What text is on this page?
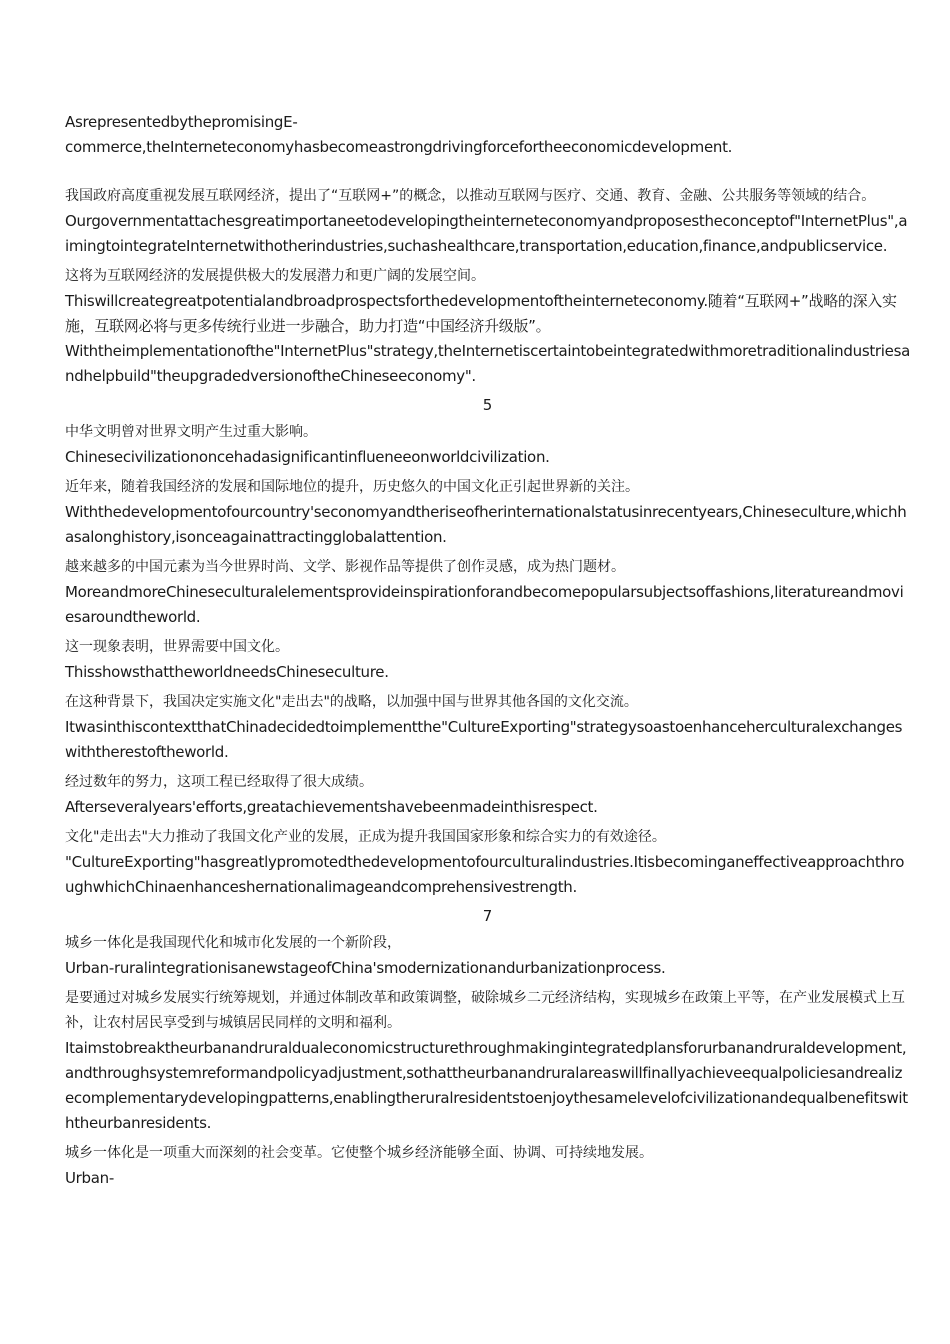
AsrepresentedbythepromisingE-
commerce,theInterneteconomyhasbecomeastrongdrivingforcefortheeconomicdevelopment.
我国政府高度重视发展互联网经济，提出了“互联网+”的概念，以推动互联网与医疗、交通、教育、金融、公共服务等领域的结合。
Ourgovernmentattachesgreatimportaneetodevelopingtheinterneteconomyandproposestheconceptof"InternetPlus",aimingtointegrateInternetwithotherindustries,suchashealthcare,transportation,education,finance,andpublicservice.
这将为互联网经济的发展提供极大的发展潜力和更广阔的发展空间。
Thiswillcreategreatpotentialandbroadprospectsforthedevelopmentoftheinterneteconomy.随着“互联网+”战略的深入实施，互联网必将与更多传统行业进一步融合，助力打造“中国经济升级版”。
Withtheimplementationofthe"InternetPlus"strategy,theInternetiscertaintobeintegratedwithmoretraditionalindustriesandhelpbuild"theupgradedversionoftheChineseeconomy".
5
中华文明曾对世界文明产生过重大影响。
Chinesecivilizationoncehadasignificantinflueneeonworldcivilization.
近年来，随着我国经济的发展和国际地位的提升，历史悠久的中国文化正引起世界新的关注。
Withthedevelopmentofourcountry'seconomyandtheriseofherinternationalstatusinrecentyears,Chineseculture,whichhasalonghistory,isonceagainattractingglobalattention.
越来越多的中国元素为当今世界时尚、文学、影视作品等提供了创作灵感，成为热门题材。
MoreandmoreChineseculturalelementsprovideinspirationforandbecomepopularsubjectsoffashions,literatureandmoviesaroundtheworld.
这一现象表明，世界需要中国文化。
ThisshowsthattheworldneedsChineseculture.
在这种背景下，我国决定实施文化"走出去"的战略，以加强中国与世界其他各国的文化交流。
ItwasinthiscontextthatChinadecidedtoimplementthe"CultureExporting"strategysoastoenhanceherculturalexchangeswiththerestoftheworld.
经过数年的努力，这项工程已经取得了很大成绩。
Afterseveralyears'efforts,greatachievementshavebeenmadeinthisrespect.
文化"走出去"大力推动了我国文化产业的发展，正成为提升我国国家形象和综合实力的有效途径。
"CultureExporting"hasgreatlypromotedthedevelopmentofourculturalindustries.ItisbecominganeffectiveapproachthroughwhichChinaenhanceshernationalimageandcomprehensivestrength.
7
城乡一体化是我国现代化和城市化发展的一个新阶段，
Urban-ruralintegrationisanewstageofChina'smodernizationandurbanizationprocess.
是要通过对城乡发展实行统筹规划，并通过体制改革和政策调整，破除城乡二元经济结构，实现城乡在政策上平等，在产业发展模式上互补，让农村居民享受到与城镇居民同样的文明和福利。
Itaimstobreaktheurbanandruraldualeconomicstructurethroughmakingintegratedplansforurbanandruraldevelopment,andthroughsystemreformandpolicyadjustment,sothattheurbanandruralareaswillfinallyachieveequalpoliciesandrealizecomplementarydevelopingpatterns,enablingtheruralresidentstoenjoythesamelevelofcivilizationandequalbenefitswiththeurbanresidents.
城乡一体化是一项重大而深刻的社会变革。它使整个城乡经济能够全面、协调、可持续地发展。
Urban-
